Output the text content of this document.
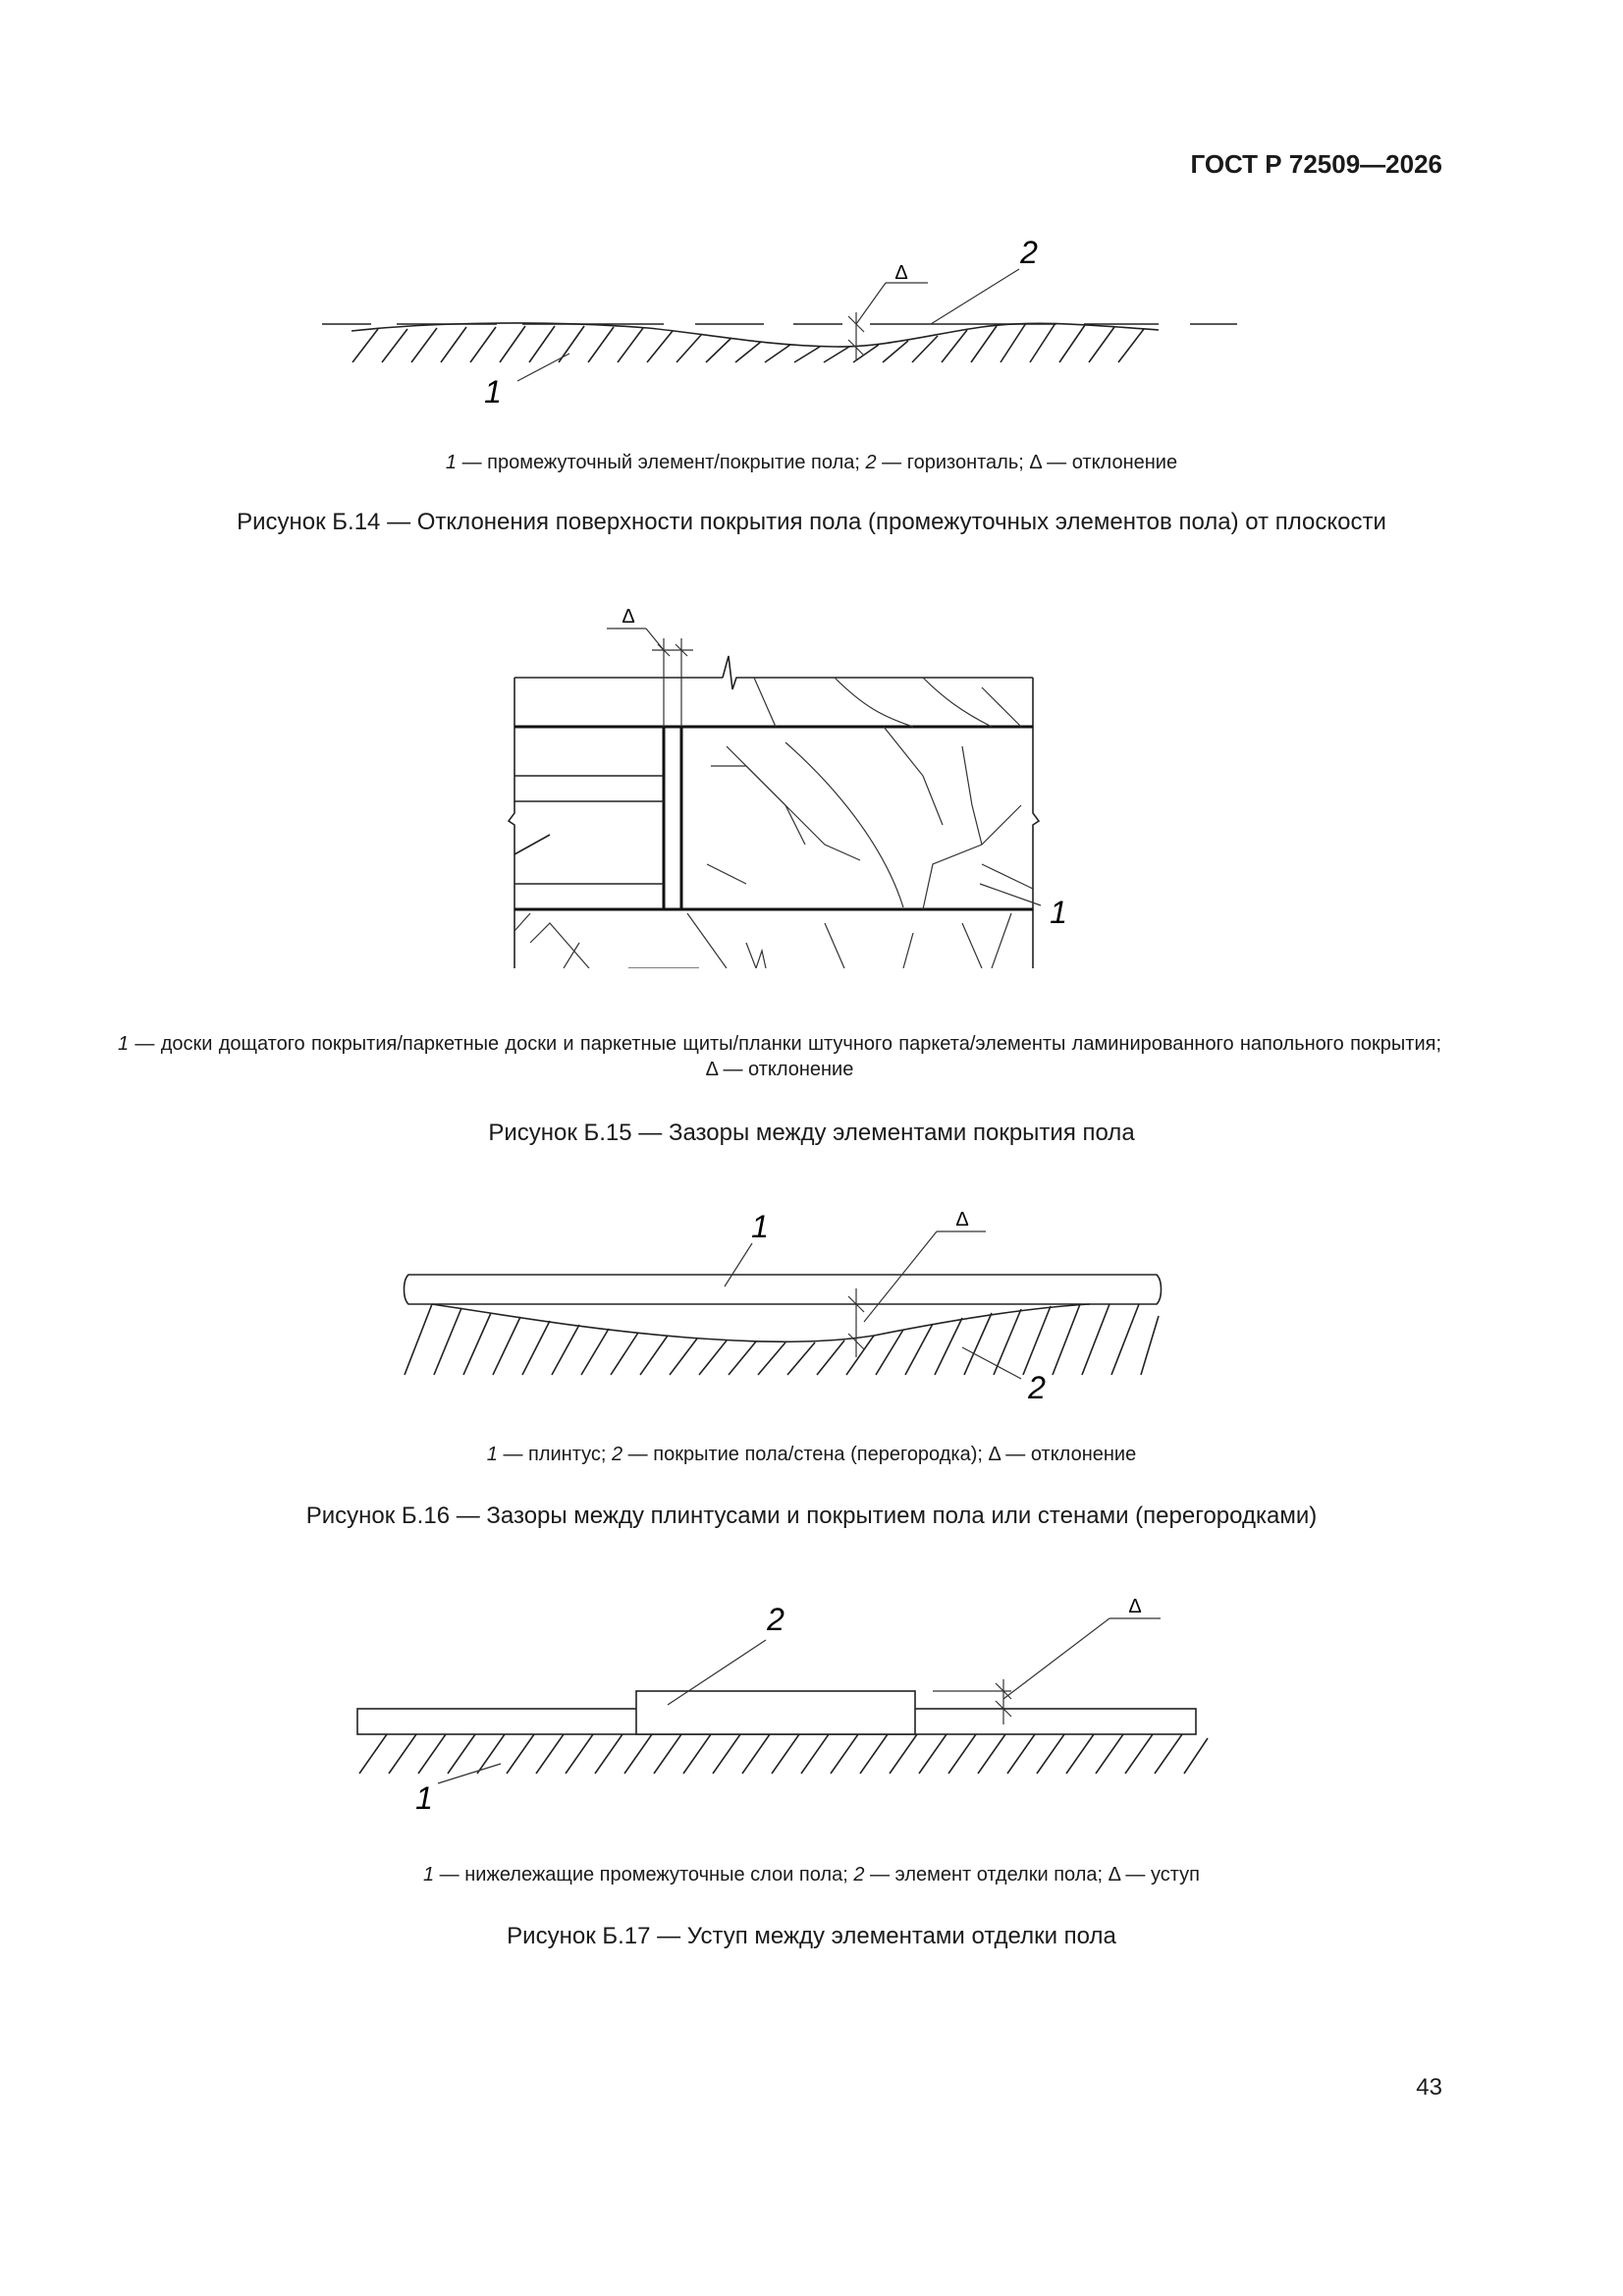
ГОСТ Р 72509—2026
Δ
2
1
1 — промежуточный элемент/покрытие пола; 2 — горизонталь; Δ — отклонение
Рисунок Б.14 — Отклонения поверхности покрытия пола (промежуточных элементов пола) от плоскости
Δ
1
1 — доски дощатого покрытия/паркетные доски и паркетные щиты/планки штучного паркета/элементы ламинированного напольного покрытия; Δ — отклонение
Рисунок Б.15 — Зазоры между элементами покрытия пола
Δ
1
2
1 — плинтус; 2 — покрытие пола/стена (перегородка); Δ — отклонение
Рисунок Б.16 — Зазоры между плинтусами и покрытием пола или стенами (перегородками)
Δ
2
1
1 — нижележащие промежуточные слои пола; 2 — элемент отделки пола; Δ — уступ
Рисунок Б.17 — Уступ между элементами отделки пола
43
